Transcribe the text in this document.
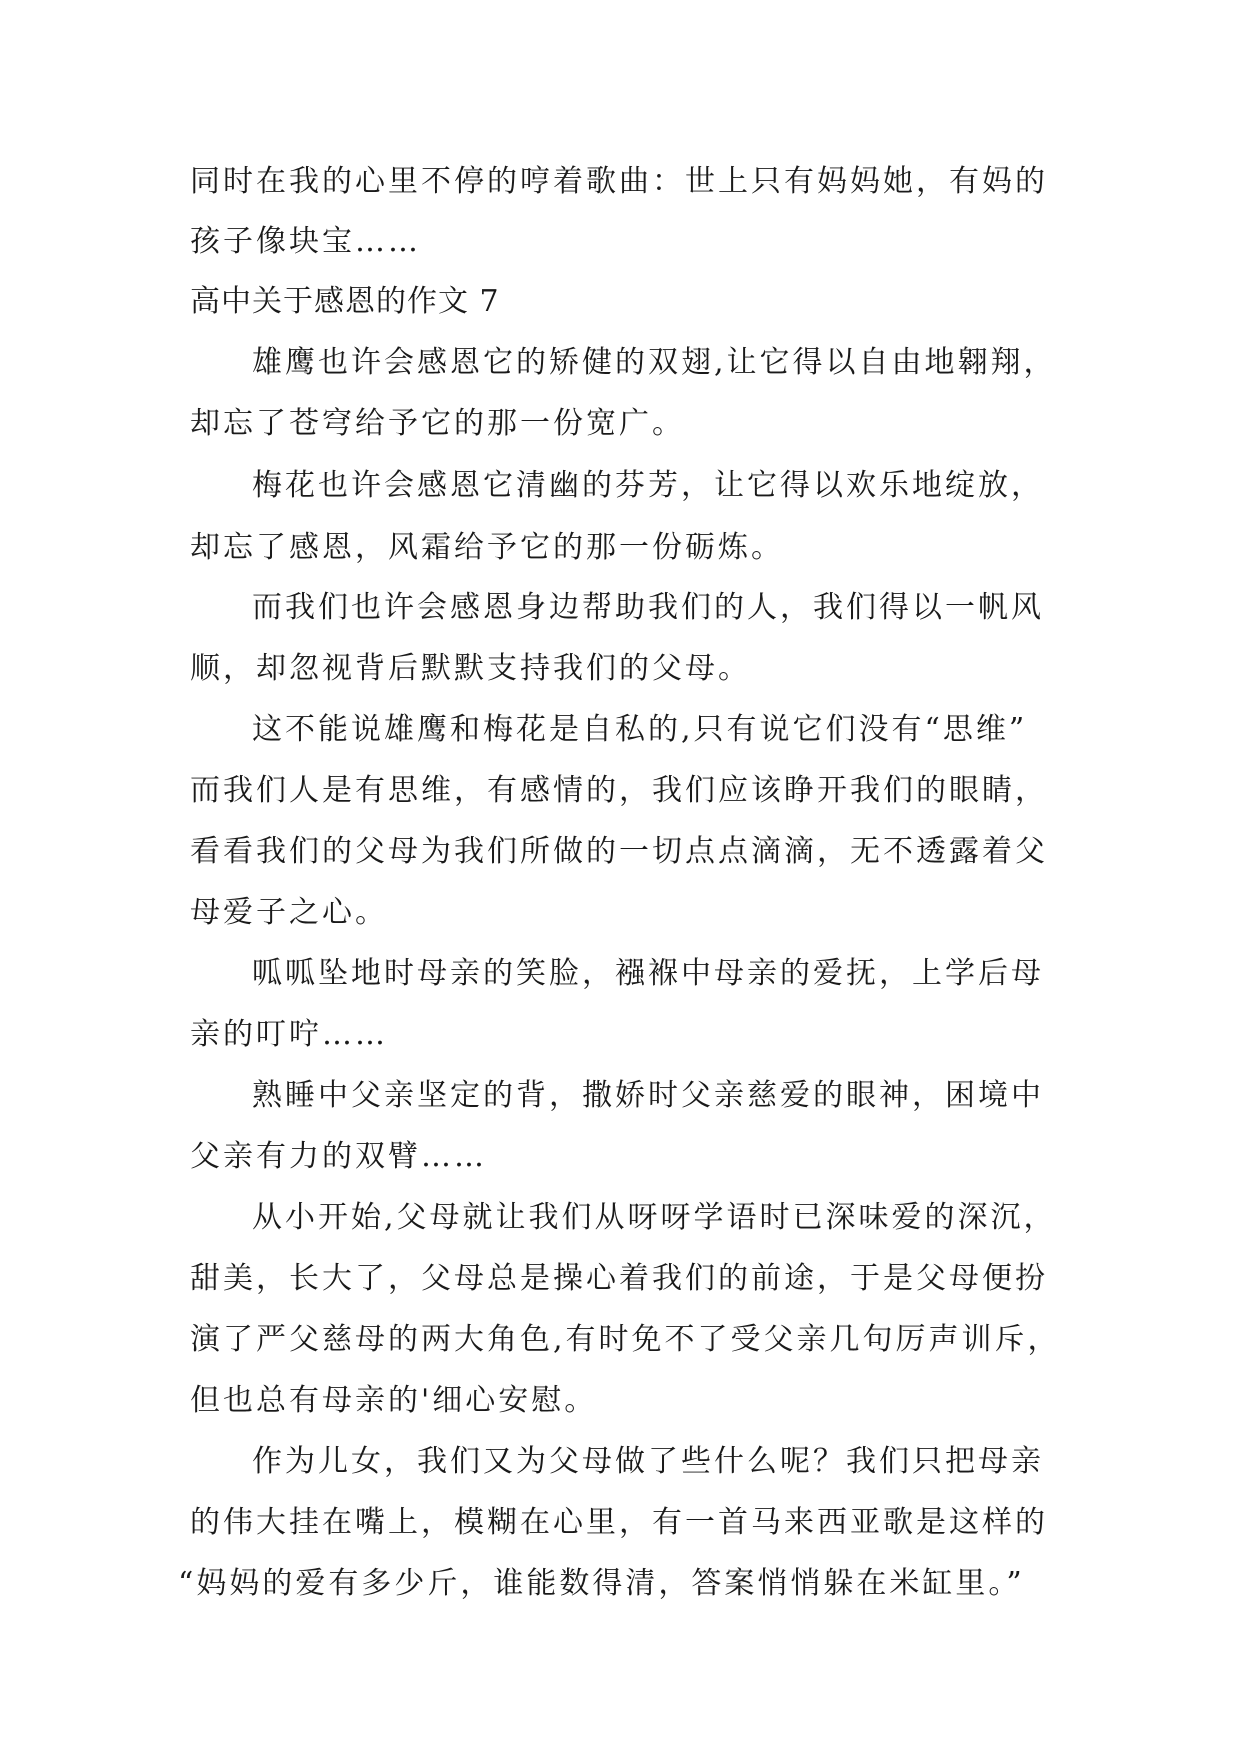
同时在我的心里不停的哼着歌曲：世上只有妈妈她，有妈的
孩子像块宝……
高中关于感恩的作文 7
雄鹰也许会感恩它的矫健的双翅,让它得以自由地翱翔，
却忘了苍穹给予它的那一份宽广。
梅花也许会感恩它清幽的芬芳，让它得以欢乐地绽放，
却忘了感恩，风霜给予它的那一份砺炼。
而我们也许会感恩身边帮助我们的人，我们得以一帆风
顺，却忽视背后默默支持我们的父母。
这不能说雄鹰和梅花是自私的,只有说它们没有“思维”
而我们人是有思维，有感情的，我们应该睁开我们的眼睛，
看看我们的父母为我们所做的一切点点滴滴，无不透露着父
母爱子之心。
呱呱坠地时母亲的笑脸，襁褓中母亲的爱抚，上学后母
亲的叮咛……
熟睡中父亲坚定的背，撒娇时父亲慈爱的眼神，困境中
父亲有力的双臂……
从小开始,父母就让我们从呀呀学语时已深味爱的深沉，
甜美，长大了，父母总是操心着我们的前途，于是父母便扮
演了严父慈母的两大角色,有时免不了受父亲几句厉声训斥，
但也总有母亲的'细心安慰。
作为儿女，我们又为父母做了些什么呢？我们只把母亲
的伟大挂在嘴上，模糊在心里，有一首马来西亚歌是这样的
“妈妈的爱有多少斤，谁能数得清，答案悄悄躲在米缸里。”
